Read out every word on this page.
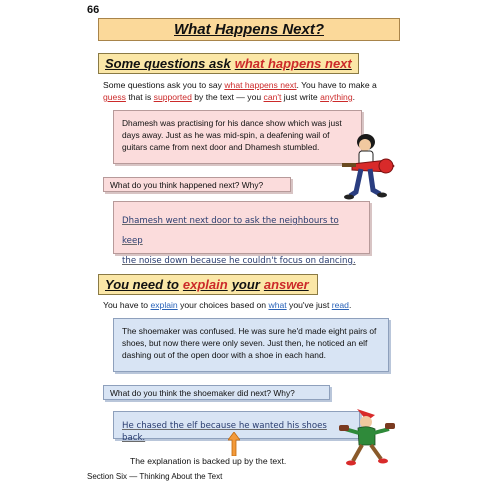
66
What Happens Next?
Some questions ask what happens next
Some questions ask you to say what happens next. You have to make a guess that is supported by the text — you can't just write anything.
Dhamesh was practising for his dance show which was just days away. Just as he was mid-spin, a deafening wail of guitars came from next door and Dhamesh stumbled.
What do you think happened next? Why?
Dhamesh went next door to ask the neighbours to keep
the noise down because he couldn't focus on dancing.
You need to explain your answer
You have to explain your choices based on what you've just read.
The shoemaker was confused. He was sure he'd made eight pairs of shoes, but now there were only seven. Just then, he noticed an elf dashing out of the open door with a shoe in each hand.
What do you think the shoemaker did next? Why?
He chased the elf because he wanted his shoes back.
The explanation is backed up by the text.
Section Six — Thinking About the Text
